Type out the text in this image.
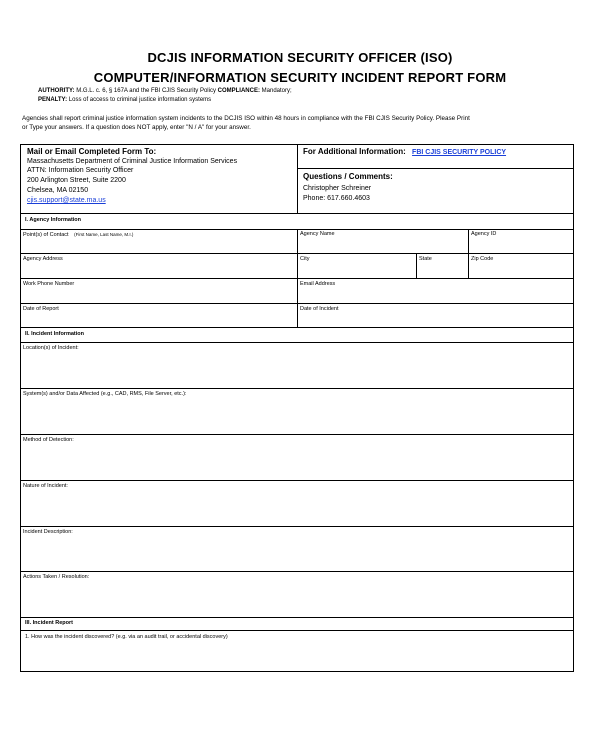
DCJIS INFORMATION SECURITY OFFICER (ISO)
COMPUTER/INFORMATION SECURITY INCIDENT REPORT FORM
AUTHORITY: M.G.L. c. 6, § 167A and the FBI CJIS Security Policy COMPLIANCE: Mandatory;
PENALTY: Loss of access to criminal justice information systems
Agencies shall report criminal justice information system incidents to the DCJIS ISO within 48 hours in compliance with the FBI CJIS Security Policy. Please Print
or Type your answers. If a question does NOT apply, enter "N / A" for your answer.
Mail or Email Completed Form To:
Massachusetts Department of Criminal Justice Information Services
ATTN: Information Security Officer
200 Arlington Street, Suite 2200
Chelsea, MA 02150
cjis.support@state.ma.us
For Additional Information: FBI CJIS SECURITY POLICY
Questions / Comments:
Christopher Schreiner
Phone: 617.660.4603
I. Agency Information
Point(s) of Contact (First Name, Last Name, M.I.)	Agency Name	Agency ID
Agency Address	City	State	Zip Code
Work Phone Number	Email Address
Date of Report	Date of Incident
II. Incident Information
Location(s) of Incident:
System(s) and/or Data Affected (e.g., CAD, RMS, File Server, etc.):
Method of Detection:
Nature of Incident:
Incident Description:
Actions Taken / Resolution:
III. Incident Report
1. How was the incident discovered? (e.g. via an audit trail, or accidental discovery)
